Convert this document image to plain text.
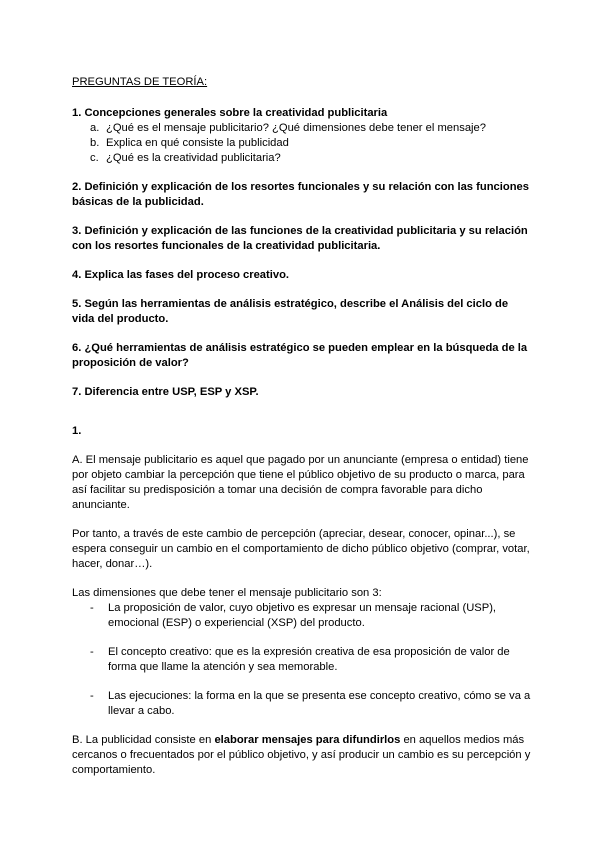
PREGUNTAS DE TEORÍA:
1. Concepciones generales sobre la creatividad publicitaria
a. ¿Qué es el mensaje publicitario? ¿Qué dimensiones debe tener el mensaje?
b. Explica en qué consiste la publicidad
c. ¿Qué es la creatividad publicitaria?
2. Definición y explicación de los resortes funcionales y su relación con las funciones básicas de la publicidad.
3. Definición y explicación de las funciones de la creatividad publicitaria y su relación con los resortes funcionales de la creatividad publicitaria.
4. Explica las fases del proceso creativo.
5. Según las herramientas de análisis estratégico, describe el Análisis del ciclo de vida del producto.
6. ¿Qué herramientas de análisis estratégico se pueden emplear en la búsqueda de la proposición de valor?
7. Diferencia entre USP, ESP y XSP.
1.

A. El mensaje publicitario es aquel que pagado por un anunciante (empresa o entidad) tiene por objeto cambiar la percepción que tiene el público objetivo de su producto o marca, para así facilitar su predisposición a tomar una decisión de compra favorable para dicho anunciante.

Por tanto, a través de este cambio de percepción (apreciar, desear, conocer, opinar...), se espera conseguir un cambio en el comportamiento de dicho público objetivo (comprar, votar, hacer, donar…).

Las dimensiones que debe tener el mensaje publicitario son 3:

- La proposición de valor, cuyo objetivo es expresar un mensaje racional (USP), emocional (ESP) o experiencial (XSP) del producto.
- El concepto creativo: que es la expresión creativa de esa proposición de valor de forma que llame la atención y sea memorable.
- Las ejecuciones: la forma en la que se presenta ese concepto creativo, cómo se va a llevar a cabo.

B. La publicidad consiste en elaborar mensajes para difundirlos en aquellos medios más cercanos o frecuentados por el público objetivo, y así producir un cambio es su percepción y comportamiento.
